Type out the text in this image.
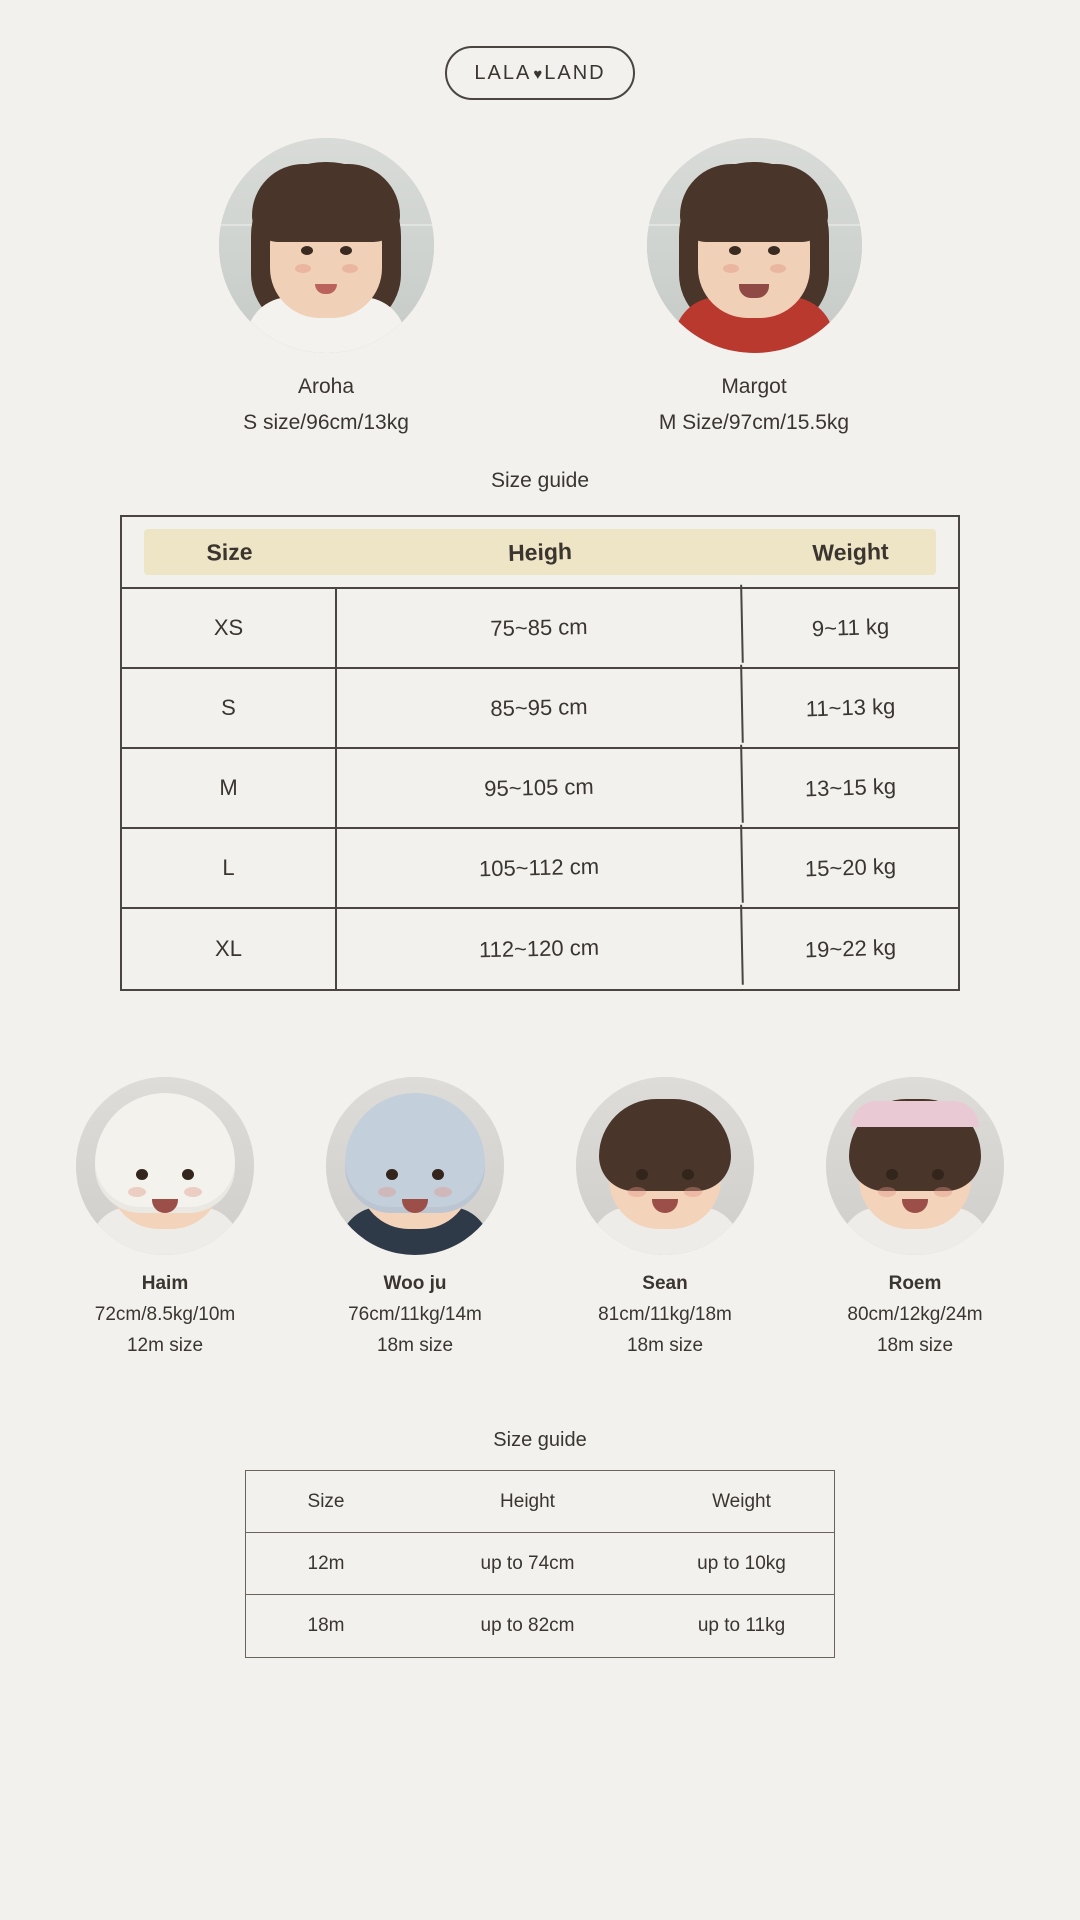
LALA ♥ LAND
Aroha
S size/96cm/13kg
Margot
M Size/97cm/15.5kg
Size guide
Size	Heigh	Weight
XS	75~85 cm	9~11 kg
S	85~95 cm	11~13 kg
M	95~105 cm	13~15 kg
L	105~112 cm	15~20 kg
XL	112~120 cm	19~22 kg
Haim
72cm/8.5kg/10m
12m size
Woo ju
76cm/11kg/14m
18m size
Sean
81cm/11kg/18m
18m size
Roem
80cm/12kg/24m
18m size
Size guide
Size	Height	Weight
12m	up to 74cm	up to 10kg
18m	up to 82cm	up to 11kg
